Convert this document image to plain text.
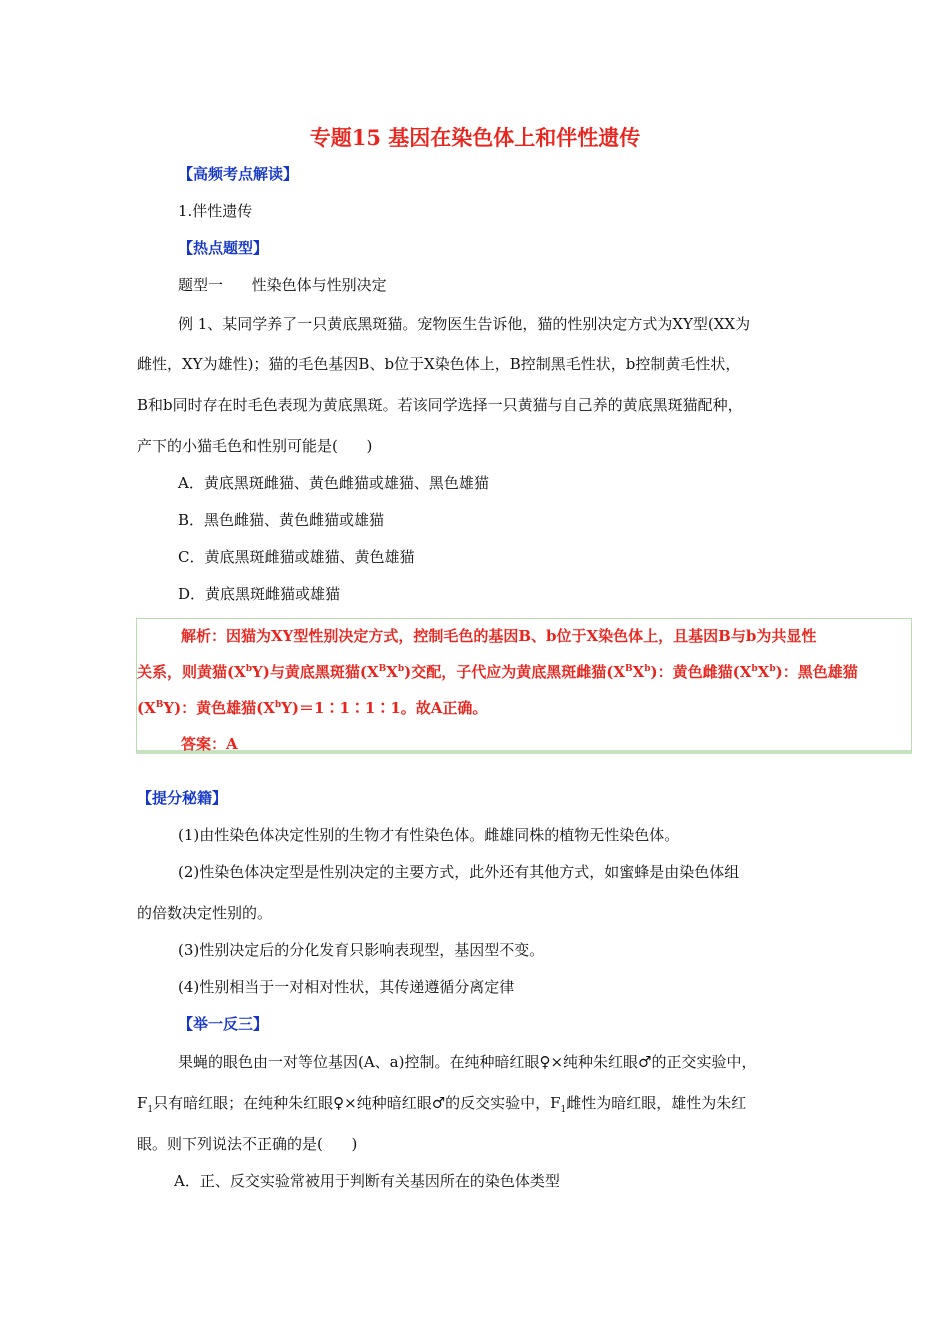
专题15 基因在染色体上和伴性遗传
【高频考点解读】
1.伴性遗传
【热点题型】
题型一      性染色体与性别决定
例 1、某同学养了一只黄底黑斑猫。宠物医生告诉他，猫的性别决定方式为XY型(XX为
雌性，XY为雄性)；猫的毛色基因B、b位于X染色体上，B控制黑毛性状，b控制黄毛性状，
B和b同时存在时毛色表现为黄底黑斑。若该同学选择一只黄猫与自己养的黄底黑斑猫配种，
产下的小猫毛色和性别可能是(      )
A．黄底黑斑雌猫、黄色雌猫或雄猫、黑色雄猫
B．黑色雌猫、黄色雌猫或雄猫
C．黄底黑斑雌猫或雄猫、黄色雄猫
D．黄底黑斑雌猫或雄猫
解析：因猫为XY型性别决定方式，控制毛色的基因B、b位于X染色体上，且基因B与b为共显性
关系，则黄猫$(X^bY)$与黄底黑斑猫$(X^BX^b)$交配，子代应为黄底黑斑雌猫$(X^BX^b)$：黄色雌猫$(X^bX^b)$：黑色雄猫
$(X^BY)$：黄色雄猫$(X^bY)=1∶1∶1∶1$。故A正确。
答案：A
【提分秘籍】
(1)由性染色体决定性别的生物才有性染色体。雌雄同株的植物无性染色体。
(2)性染色体决定型是性别决定的主要方式，此外还有其他方式，如蜜蜂是由染色体组
的倍数决定性别的。
(3)性别决定后的分化发育只影响表现型，基因型不变。
(4)性别相当于一对相对性状，其传递遵循分离定律
【举一反三】
果蝇的眼色由一对等位基因(A、a)控制。在纯种暗红眼♀×纯种朱红眼♂的正交实验中，
$F_1$只有暗红眼；在纯种朱红眼♀×纯种暗红眼♂的反交实验中，$F_1$雌性为暗红眼，雄性为朱红
眼。则下列说法不正确的是(      )
A．正、反交实验常被用于判断有关基因所在的染色体类型
